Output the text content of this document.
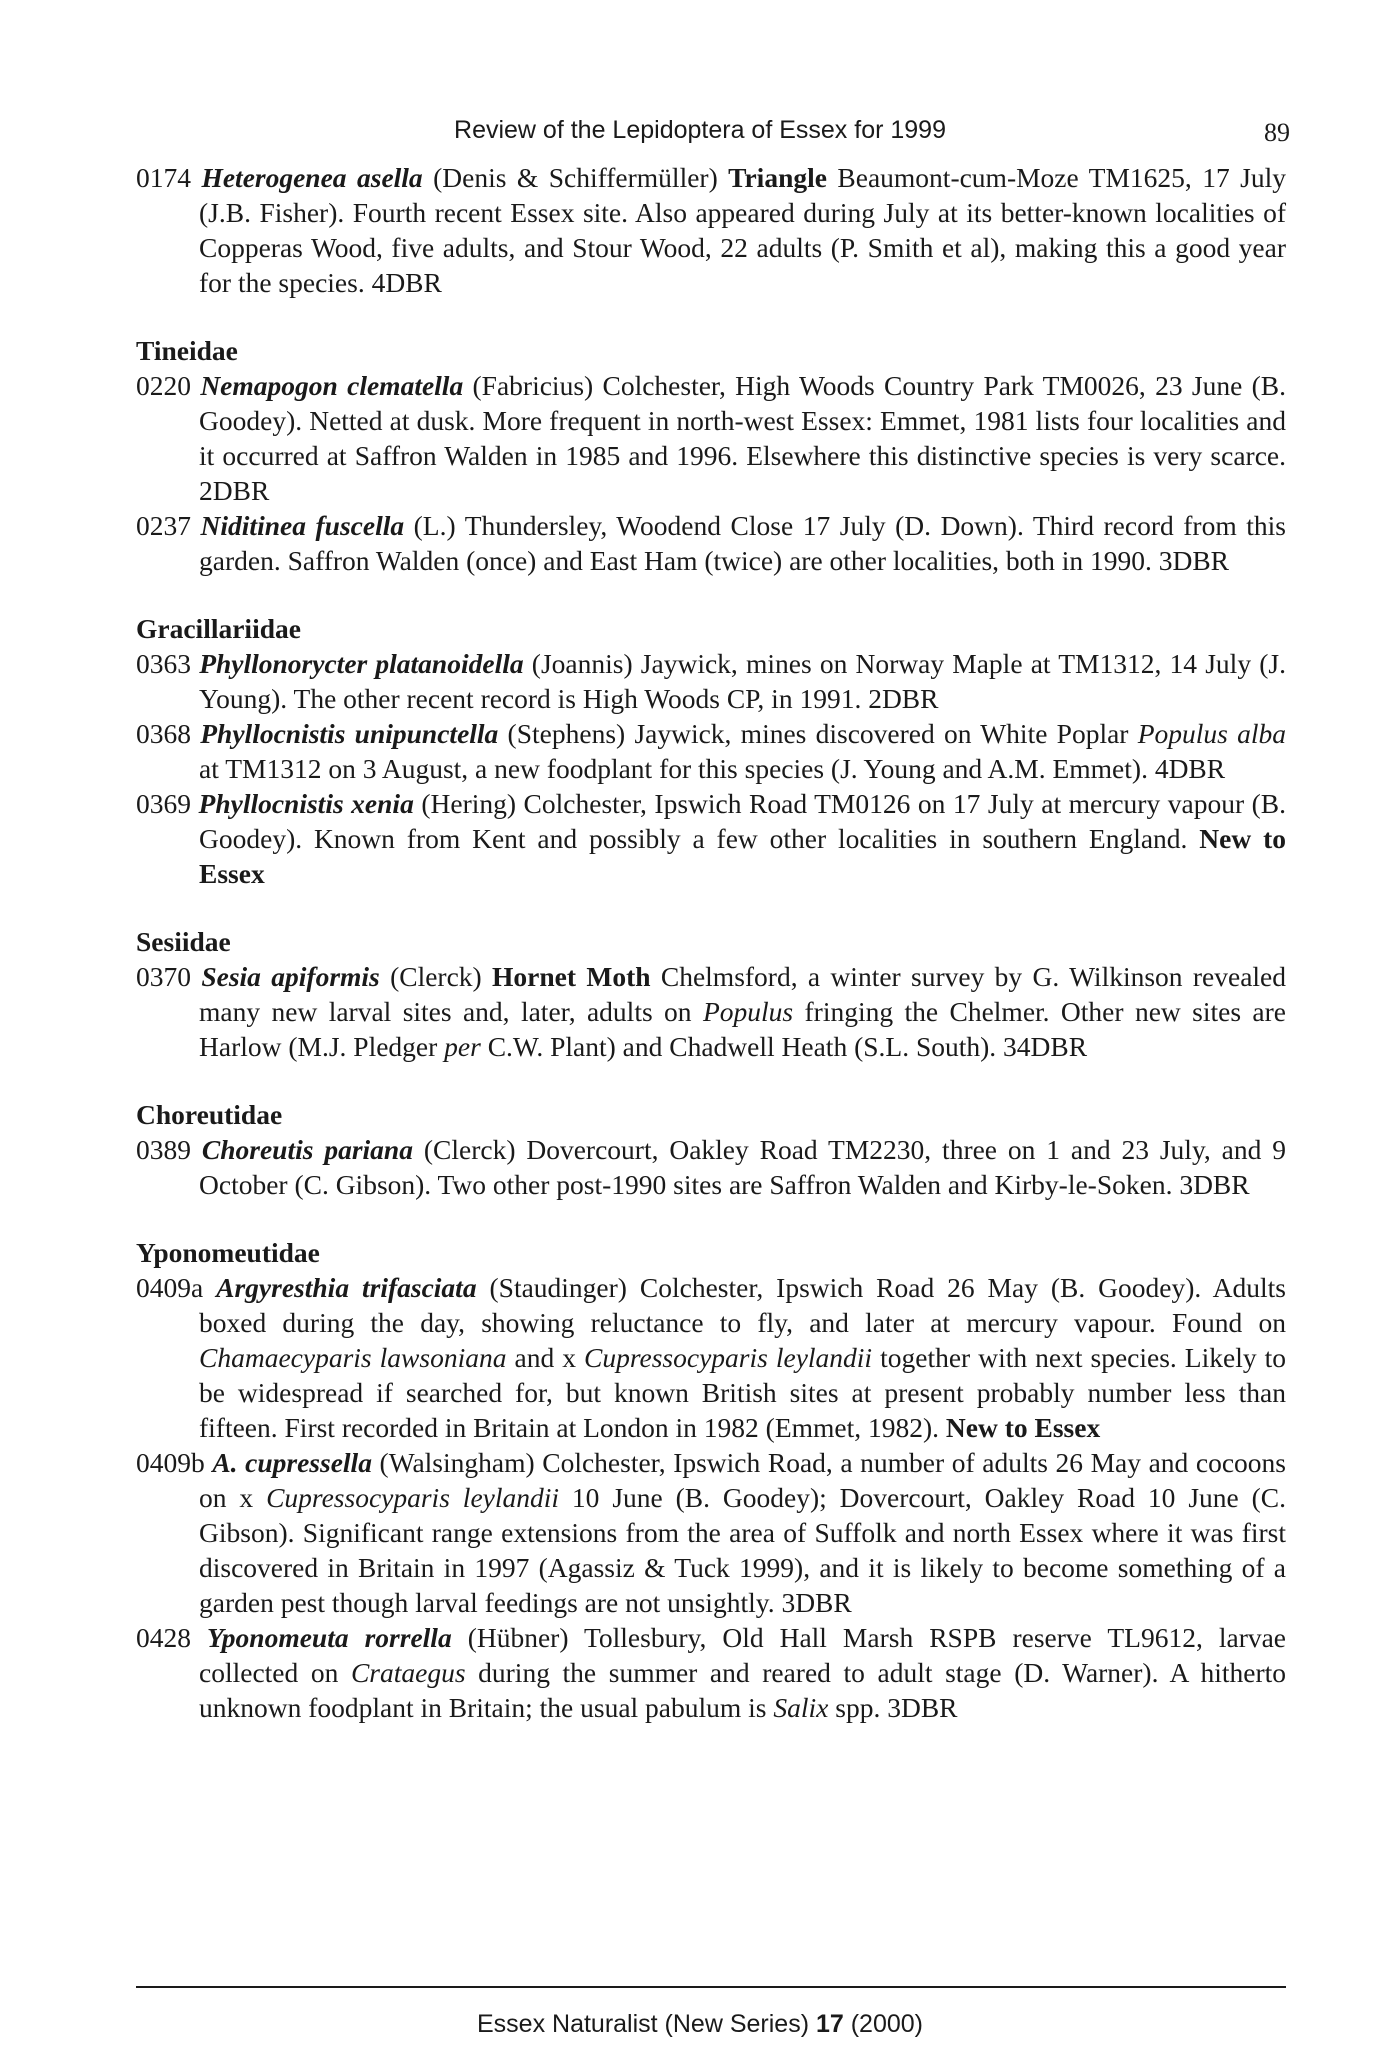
Review of the Lepidoptera of Essex for 1999	89

0174 Heterogenea asella (Denis & Schiffermüller) Triangle Beaumont-cum-Moze TM1625, 17 July (J.B. Fisher). Fourth recent Essex site. Also appeared during July at its better-known localities of Copperas Wood, five adults, and Stour Wood, 22 adults (P. Smith et al), making this a good year for the species. 4DBR

Tineidae

0220 Nemapogon clematella (Fabricius) Colchester, High Woods Country Park TM0026, 23 June (B. Goodey). Netted at dusk. More frequent in north-west Essex: Emmet, 1981 lists four localities and it occurred at Saffron Walden in 1985 and 1996. Elsewhere this distinctive species is very scarce. 2DBR

0237 Niditinea fuscella (L.) Thundersley, Woodend Close 17 July (D. Down). Third record from this garden. Saffron Walden (once) and East Ham (twice) are other localities, both in 1990. 3DBR

Gracillariidae

0363 Phyllonorycter platanoidella (Joannis) Jaywick, mines on Norway Maple at TM1312, 14 July (J. Young). The other recent record is High Woods CP, in 1991. 2DBR

0368 Phyllocnistis unipunctella (Stephens) Jaywick, mines discovered on White Poplar Populus alba at TM1312 on 3 August, a new foodplant for this species (J. Young and A.M. Emmet). 4DBR

0369 Phyllocnistis xenia (Hering) Colchester, Ipswich Road TM0126 on 17 July at mercury vapour (B. Goodey). Known from Kent and possibly a few other localities in southern England. New to Essex

Sesiidae

0370 Sesia apiformis (Clerck) Hornet Moth Chelmsford, a winter survey by G. Wilkinson revealed many new larval sites and, later, adults on Populus fringing the Chelmer. Other new sites are Harlow (M.J. Pledger per C.W. Plant) and Chadwell Heath (S.L. South). 34DBR

Choreutidae

0389 Choreutis pariana (Clerck) Dovercourt, Oakley Road TM2230, three on 1 and 23 July, and 9 October (C. Gibson). Two other post-1990 sites are Saffron Walden and Kirby-le-Soken. 3DBR

Yponomeutidae

0409a Argyresthia trifasciata (Staudinger) Colchester, Ipswich Road 26 May (B. Goodey). Adults boxed during the day, showing reluctance to fly, and later at mercury vapour. Found on Chamaecyparis lawsoniana and x Cupressocyparis leylandii together with next species. Likely to be widespread if searched for, but known British sites at present probably number less than fifteen. First recorded in Britain at London in 1982 (Emmet, 1982). New to Essex

0409b A. cupressella (Walsingham) Colchester, Ipswich Road, a number of adults 26 May and cocoons on x Cupressocyparis leylandii 10 June (B. Goodey); Dovercourt, Oakley Road 10 June (C. Gibson). Significant range extensions from the area of Suffolk and north Essex where it was first discovered in Britain in 1997 (Agassiz & Tuck 1999), and it is likely to become something of a garden pest though larval feedings are not unsightly. 3DBR

0428 Yponomeuta rorrella (Hübner) Tollesbury, Old Hall Marsh RSPB reserve TL9612, larvae collected on Crataegus during the summer and reared to adult stage (D. Warner). A hitherto unknown foodplant in Britain; the usual pabulum is Salix spp. 3DBR

Essex Naturalist (New Series) 17 (2000)
